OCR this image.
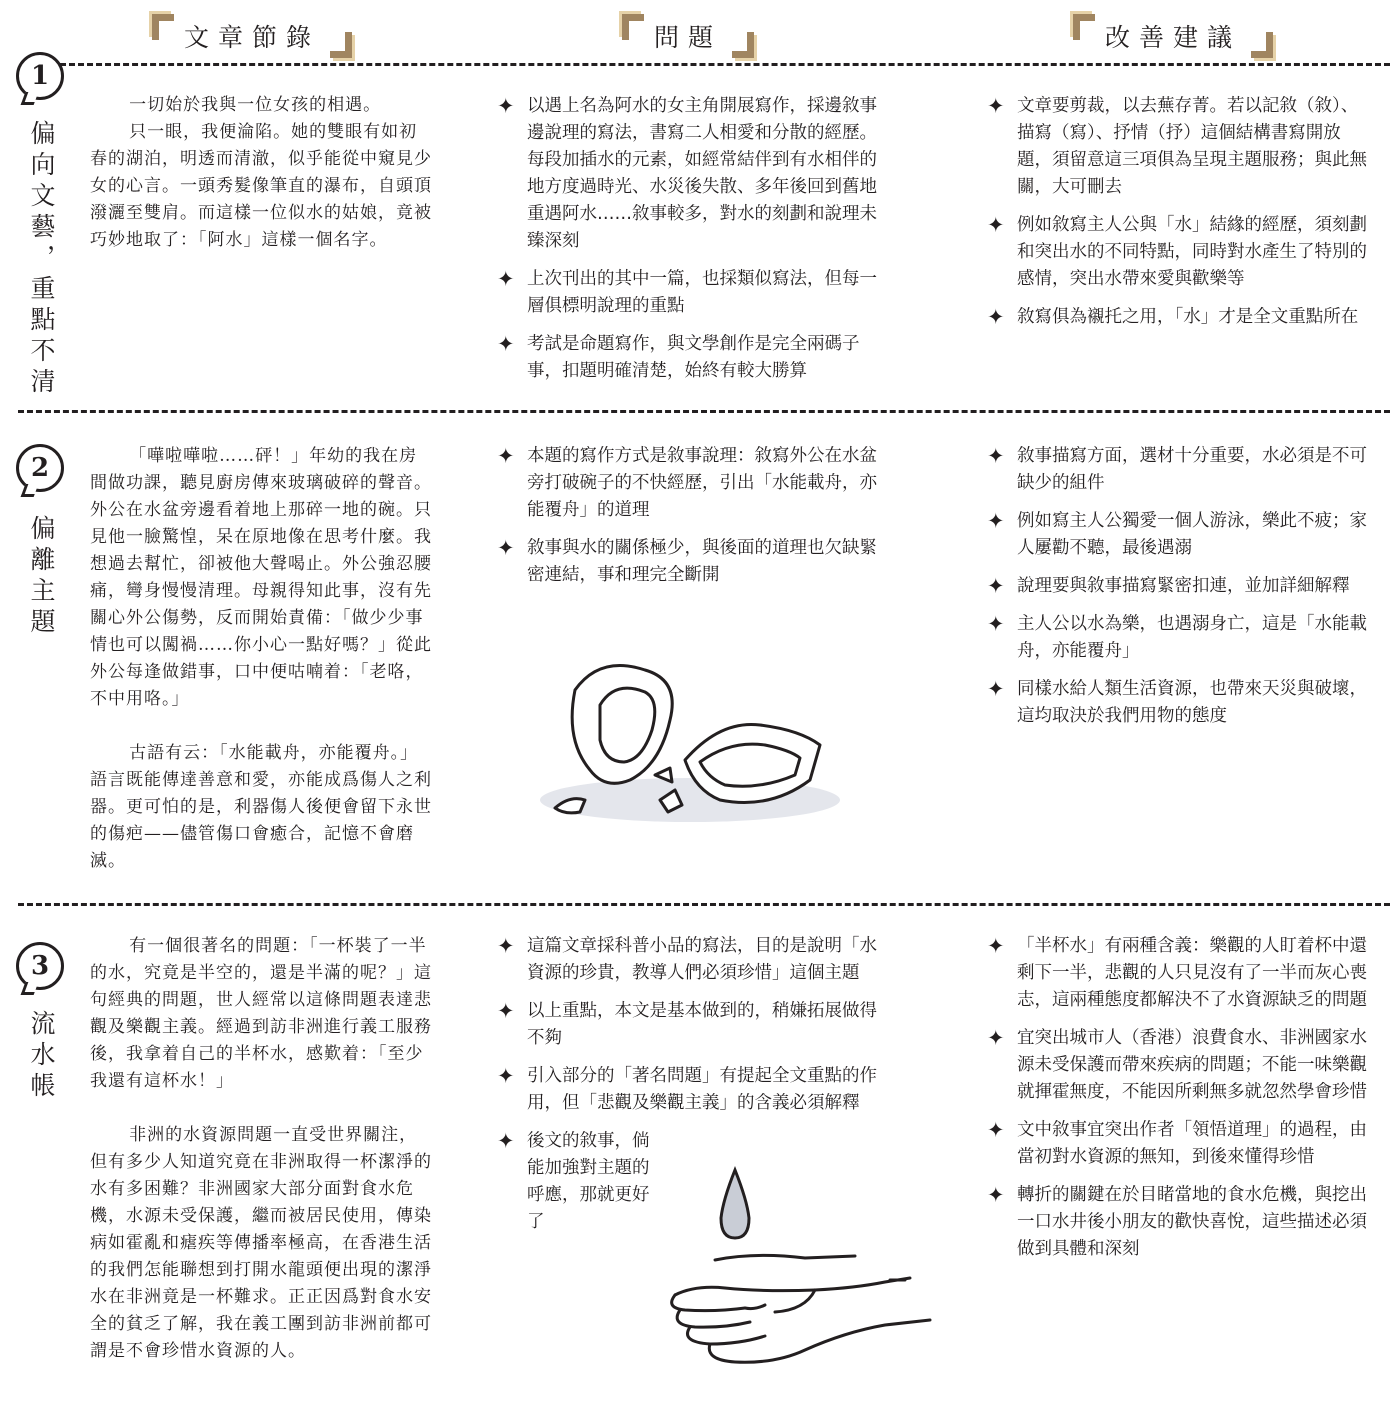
文章節錄	問題	改善建議
1
偏向文藝，重點不清

一切始於我與一位女孩的相遇。

只一眼，我便淪陷。她的雙眼有如初春的湖泊，明透而清澈，似乎能從中窺見少女的心言。一頭秀髮像筆直的瀑布，自頭頂潑灑至雙肩。而這樣一位似水的姑娘，竟被巧妙地取了：「阿水」這樣一個名字。

✦ 以遇上名為阿水的女主角開展寫作，採邊敘事邊說理的寫法，書寫二人相愛和分散的經歷。每段加插水的元素，如經常結伴到有水相伴的地方度過時光、水災後失散、多年後回到舊地重遇阿水……敘事較多，對水的刻劃和說理未臻深刻
✦ 上次刊出的其中一篇，也採類似寫法，但每一層俱標明說理的重點
✦ 考試是命題寫作，與文學創作是完全兩碼子事，扣題明確清楚，始終有較大勝算
✦ 文章要剪裁，以去蕪存菁。若以記敘（敘）、描寫（寫）、抒情（抒）這個結構書寫開放題，須留意這三項俱為呈現主題服務；與此無關，大可刪去
✦ 例如敘寫主人公與「水」結緣的經歷，須刻劃和突出水的不同特點，同時對水產生了特別的感情，突出水帶來愛與歡樂等
✦ 敘寫俱為襯托之用，「水」才是全文重點所在
2
偏離主題

「嘩啦嘩啦……砰！」年幼的我在房間做功課，聽見廚房傳來玻璃破碎的聲音。外公在水盆旁邊看着地上那碎一地的碗。只見他一臉驚惶，呆在原地像在思考什麼。我想過去幫忙，卻被他大聲喝止。外公強忍腰痛，彎身慢慢清理。母親得知此事，沒有先關心外公傷勢，反而開始責備：「做少少事情也可以闖禍……你小心一點好嗎？」從此外公每逢做錯事，口中便咕喃着：「老咯，不中用咯。」

古語有云：「水能載舟，亦能覆舟。」語言既能傳達善意和愛，亦能成爲傷人之利器。更可怕的是，利器傷人後便會留下永世的傷疤——儘管傷口會癒合，記憶不會磨滅。

✦ 本題的寫作方式是敘事說理：敘寫外公在水盆旁打破碗子的不快經歷，引出「水能載舟，亦能覆舟」的道理
✦ 敘事與水的關係極少，與後面的道理也欠缺緊密連結，事和理完全斷開
✦ 敘事描寫方面，選材十分重要，水必須是不可缺少的組件
✦ 例如寫主人公獨愛一個人游泳，樂此不疲；家人屢勸不聽，最後遇溺
✦ 說理要與敘事描寫緊密扣連，並加詳細解釋
✦ 主人公以水為樂，也遇溺身亡，這是「水能載舟，亦能覆舟」
✦ 同樣水給人類生活資源，也帶來天災與破壞，這均取決於我們用物的態度
3
流水帳

有一個很著名的問題：「一杯裝了一半的水，究竟是半空的，還是半滿的呢？」這句經典的問題，世人經常以這條問題表達悲觀及樂觀主義。經過到訪非洲進行義工服務後，我拿着自己的半杯水，感歎着：「至少我還有這杯水！」

非洲的水資源問題一直受世界關注，但有多少人知道究竟在非洲取得一杯潔淨的水有多困難？非洲國家大部分面對食水危機，水源未受保護，繼而被居民使用，傳染病如霍亂和瘧疾等傳播率極高，在香港生活的我們怎能聯想到打開水龍頭便出現的潔淨水在非洲竟是一杯難求。正正因爲對食水安全的貧乏了解，我在義工團到訪非洲前都可謂是不會珍惜水資源的人。

✦ 這篇文章採科普小品的寫法，目的是說明「水資源的珍貴，教導人們必須珍惜」這個主題
✦ 以上重點，本文是基本做到的，稍嫌拓展做得不夠
✦ 引入部分的「著名問題」有提起全文重點的作用，但「悲觀及樂觀主義」的含義必須解釋
✦ 後文的敘事，倘能加強對主題的呼應，那就更好了
✦ 「半杯水」有兩種含義：樂觀的人盯着杯中還剩下一半，悲觀的人只見沒有了一半而灰心喪志，這兩種態度都解決不了水資源缺乏的問題
✦ 宜突出城市人（香港）浪費食水、非洲國家水源未受保護而帶來疾病的問題；不能一味樂觀就揮霍無度，不能因所剩無多就忽然學會珍惜
✦ 文中敘事宜突出作者「領悟道理」的過程，由當初對水資源的無知，到後來懂得珍惜
✦ 轉折的關鍵在於目睹當地的食水危機，與挖出一口水井後小朋友的歡快喜悅，這些描述必須做到具體和深刻
